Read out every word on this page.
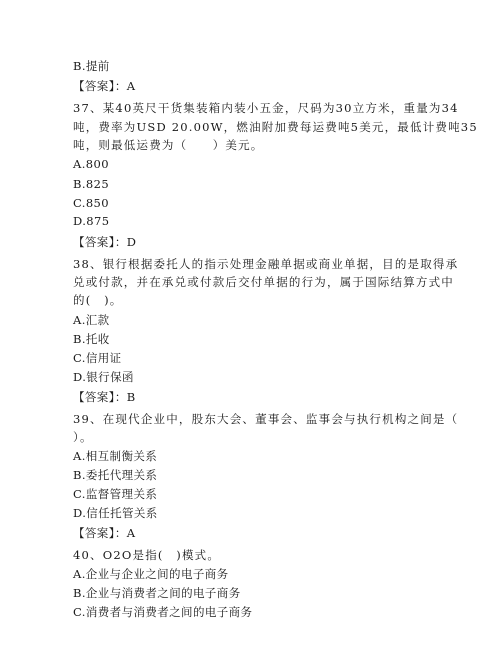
B.提前
【答案】：A
37、某40英尺干货集装箱内装小五金，尺码为30立方米，重量为34
吨，费率为USD 20.00W，燃油附加费每运费吨5美元，最低计费吨35
吨，则最低运费为（　　）美元。
A.800
B.825
C.850
D.875
【答案】：D
38、银行根据委托人的指示处理金融单据或商业单据，目的是取得承
兑或付款，并在承兑或付款后交付单据的行为，属于国际结算方式中
的(　)。
A.汇款
B.托收
C.信用证
D.银行保函
【答案】：B
39、在现代企业中，股东大会、董事会、监事会与执行机构之间是（
）。
A.相互制衡关系
B.委托代理关系
C.监督管理关系
D.信任托管关系
【答案】：A
40、O2O是指(　)模式。
A.企业与企业之间的电子商务
B.企业与消费者之间的电子商务
C.消费者与消费者之间的电子商务
